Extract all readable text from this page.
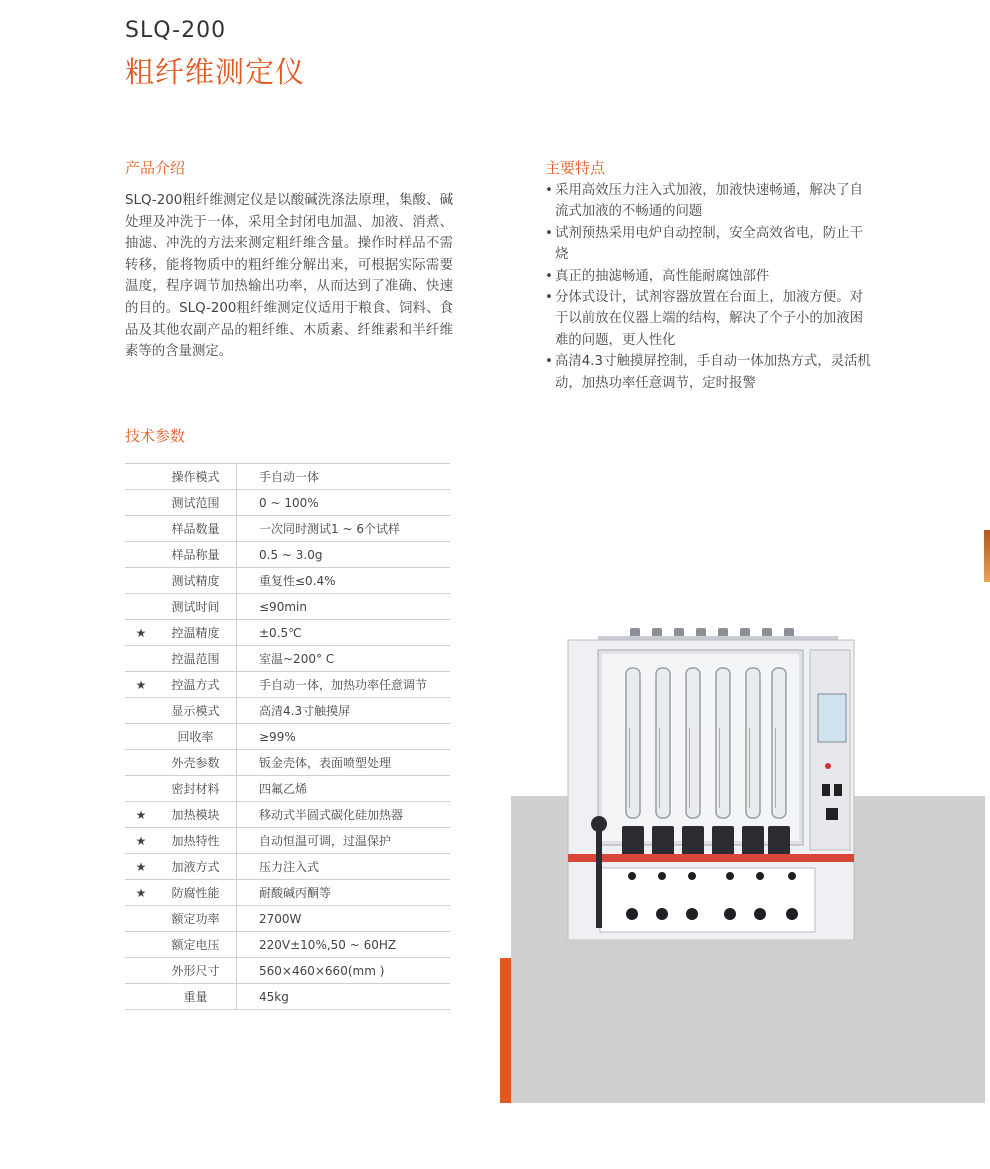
SLQ-200
粗纤维测定仪
产品介绍

SLQ-200粗纤维测定仪是以酸碱洗涤法原理，集酸、碱处理及冲洗于一体，采用全封闭电加温、加液、消煮、抽滤、冲洗的方法来测定粗纤维含量。操作时样品不需转移，能将物质中的粗纤维分解出来，可根据实际需要温度，程序调节加热输出功率，从而达到了准确、快速的目的。SLQ-200粗纤维测定仪适用于粮食、饲料、食品及其他农副产品的粗纤维、木质素、纤维素和半纤维素等的含量测定。

主要特点
• 采用高效压力注入式加液，加液快速畅通，解决了自流式加液的不畅通的问题
• 试剂预热采用电炉自动控制，安全高效省电，防止干烧
• 真正的抽滤畅通，高性能耐腐蚀部件
• 分体式设计，试剂容器放置在台面上，加液方便。对于以前放在仪器上端的结构，解决了个子小的加液困难的问题，更人性化
• 高清4.3寸触摸屏控制，手自动一体加热方式，灵活机动，加热功率任意调节，定时报警
技术参数
	操作模式	手自动一体
	测试范围	0 ~ 100%
	样品数量	一次同时测试1 ~ 6个试样
	样品称量	0.5 ~ 3.0g
	测试精度	重复性≤0.4%
	测试时间	≤90min
★	控温精度	±0.5℃
	控温范围	室温~200° C
★	控温方式	手自动一体，加热功率任意调节
	显示模式	高清4.3寸触摸屏
	回收率	≥99%
	外壳参数	钣金壳体，表面喷塑处理
	密封材料	四氟乙烯
★	加热模块	移动式半圆式碳化硅加热器
★	加热特性	自动恒温可调，过温保护
★	加液方式	压力注入式
★	防腐性能	耐酸碱丙酮等
	额定功率	2700W
	额定电压	220V±10%,50 ~ 60HZ
	外形尺寸	560×460×660(mm )
	重量	45kg
